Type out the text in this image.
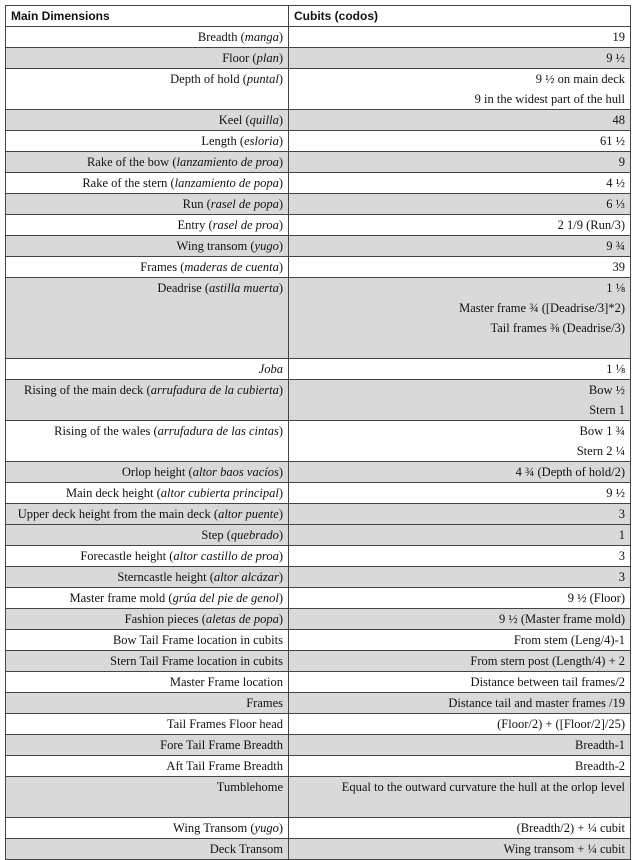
Main Dimensions	Cubits (codos)
Breadth (manga)	19

Floor (plan)	9 ½

Depth of hold (puntal)	9 ½ on main deck
9 in the widest part of the hull

Keel (quilla)	48

Length (esloria)	61 ½

Rake of the bow (lanzamiento de proa)	9

Rake of the stern (lanzamiento de popa)	4 ½

Run (rasel de popa)	6 ⅓

Entry (rasel de proa)	2 1/9 (Run/3)

Wing transom (yugo)	9 ¾

Frames (maderas de cuenta)	39

Deadrise (astilla muerta)	1 ⅛
Master frame ¾ ([Deadrise/3]*2)
Tail frames ⅜ (Deadrise/3)

Joba	1 ⅛

Rising of the main deck (arrufadura de la cubierta)	Bow ½
Stern 1

Rising of the wales (arrufadura de las cintas)	Bow 1 ¾
Stern 2 ¼

Orlop height (altor baos vacíos)	4 ¾ (Depth of hold/2)

Main deck height (altor cubierta principal)	9 ½

Upper deck height from the main deck (altor puente)	3

Step (quebrado)	1

Forecastle height (altor castillo de proa)	3

Sterncastle height (altor alcázar)	3

Master frame mold (grúa del pie de genol)	9 ½ (Floor)

Fashion pieces (aletas de popa)	9 ½ (Master frame mold)

Bow Tail Frame location in cubits	From stem (Leng/4)-1

Stern Tail Frame location in cubits	From stern post (Length/4) + 2

Master Frame location	Distance between tail frames/2

Frames	Distance tail and master frames /19

Tail Frames Floor head	(Floor/2) + ([Floor/2]/25)

Fore Tail Frame Breadth	Breadth-1

Aft Tail Frame Breadth	Breadth-2

Tumblehome	Equal to the outward curvature the hull at the orlop level

Wing Transom (yugo)	(Breadth/2) + ¼ cubit

Deck Transom	Wing transom + ¼ cubit
